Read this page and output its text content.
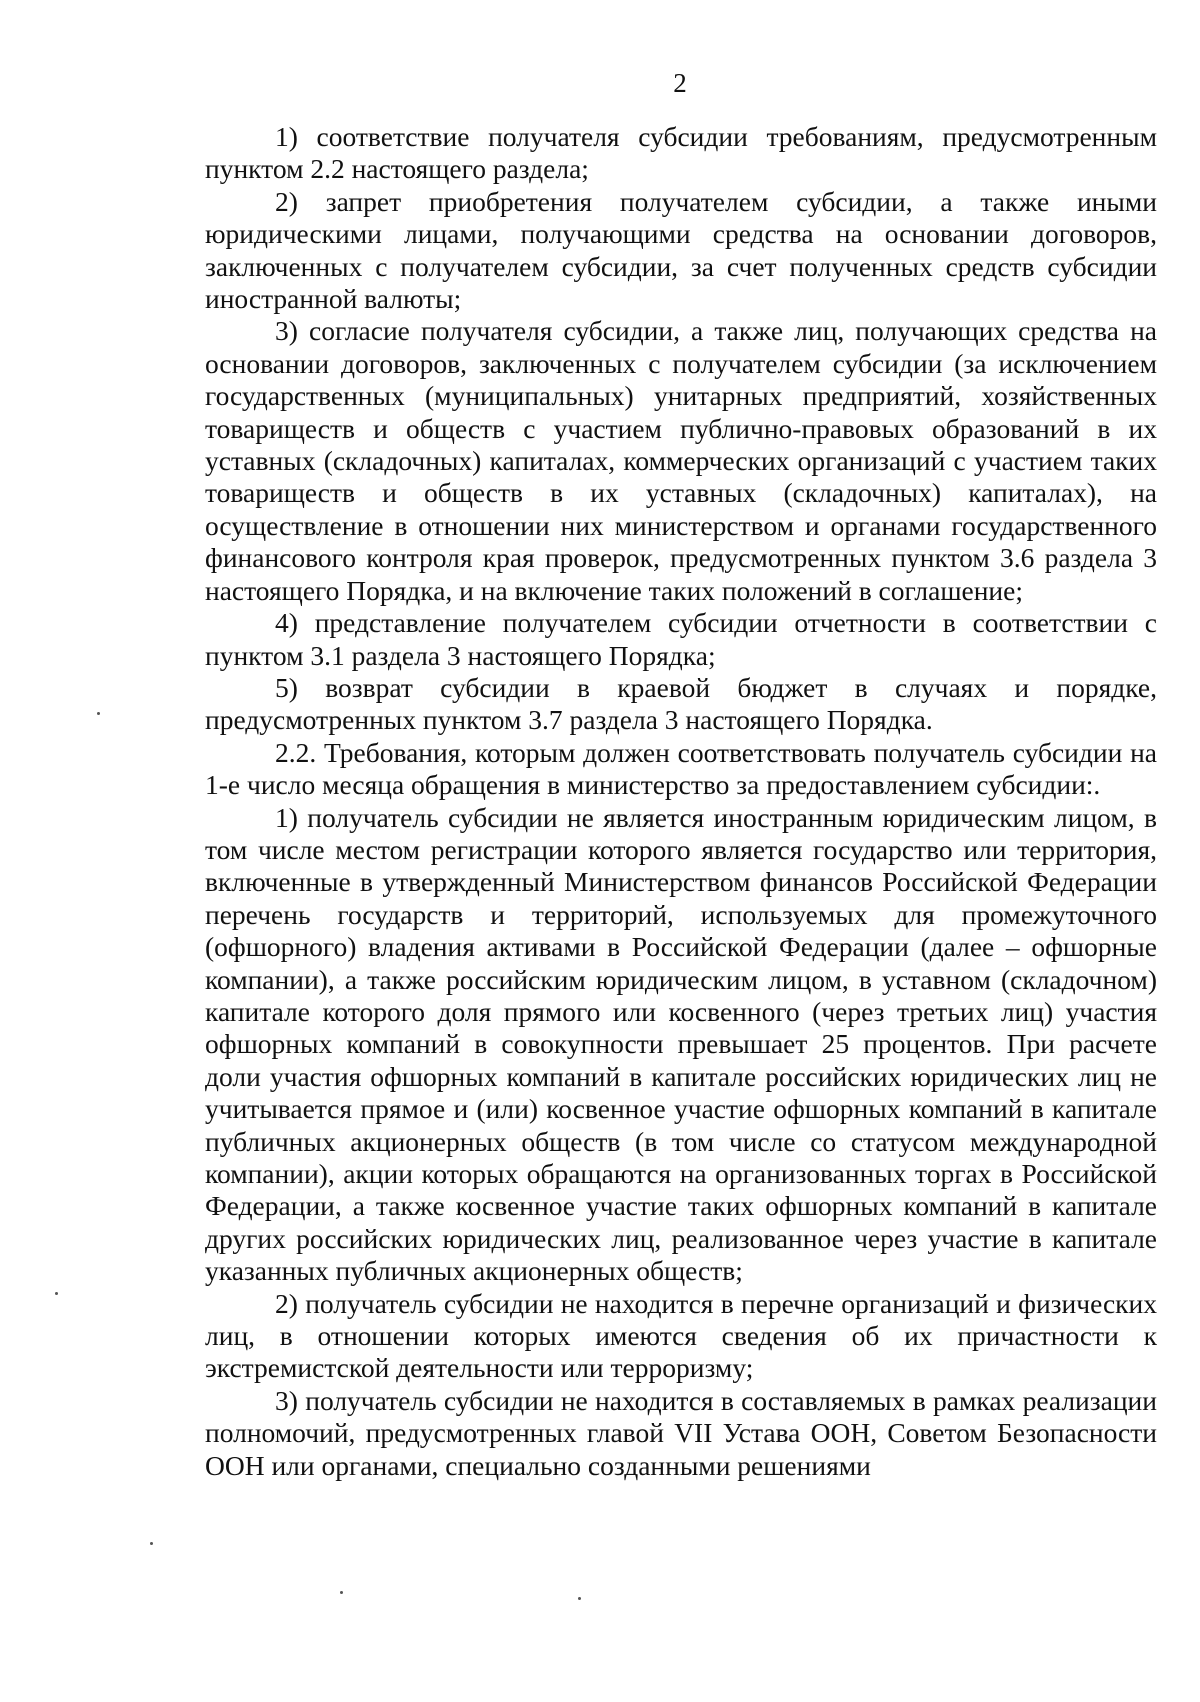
2

1) соответствие получателя субсидии требованиям, предусмотренным пунктом 2.2 настоящего раздела;

2) запрет приобретения получателем субсидии, а также иными юридическими лицами, получающими средства на основании договоров, заключенных с получателем субсидии, за счет полученных средств субсидии иностранной валюты;

3) согласие получателя субсидии, а также лиц, получающих средства на основании договоров, заключенных с получателем субсидии (за исключением государственных (муниципальных) унитарных предприятий, хозяйственных товариществ и обществ с участием публично-правовых образований в их уставных (складочных) капиталах, коммерческих организаций с участием таких товариществ и обществ в их уставных (складочных) капиталах), на осуществление в отношении них министерством и органами государственного финансового контроля края проверок, предусмотренных пунктом 3.6 раздела 3 настоящего Порядка, и на включение таких положений в соглашение;

4) представление получателем субсидии отчетности в соответствии с пунктом 3.1 раздела 3 настоящего Порядка;

5) возврат субсидии в краевой бюджет в случаях и порядке, предусмотренных пунктом 3.7 раздела 3 настоящего Порядка.

2.2. Требования, которым должен соответствовать получатель субсидии на 1-е число месяца обращения в министерство за предоставлением субсидии:.

1) получатель субсидии не является иностранным юридическим лицом, в том числе местом регистрации которого является государство или территория, включенные в утвержденный Министерством финансов Российской Федерации перечень государств и территорий, используемых для промежуточного (офшорного) владения активами в Российской Федерации (далее – офшорные компании), а также российским юридическим лицом, в уставном (складочном) капитале которого доля прямого или косвенного (через третьих лиц) участия офшорных компаний в совокупности превышает 25 процентов. При расчете доли участия офшорных компаний в капитале российских юридических лиц не учитывается прямое и (или) косвенное участие офшорных компаний в капитале публичных акционерных обществ (в том числе со статусом международной компании), акции которых обращаются на организованных торгах в Российской Федерации, а также косвенное участие таких офшорных компаний в капитале других российских юридических лиц, реализованное через участие в капитале указанных публичных акционерных обществ;

2) получатель субсидии не находится в перечне организаций и физических лиц, в отношении которых имеются сведения об их причастности к экстремистской деятельности или терроризму;

3) получатель субсидии не находится в составляемых в рамках реализации полномочий, предусмотренных главой VII Устава ООН, Советом Безопасности ООН или органами, специально созданными решениями
